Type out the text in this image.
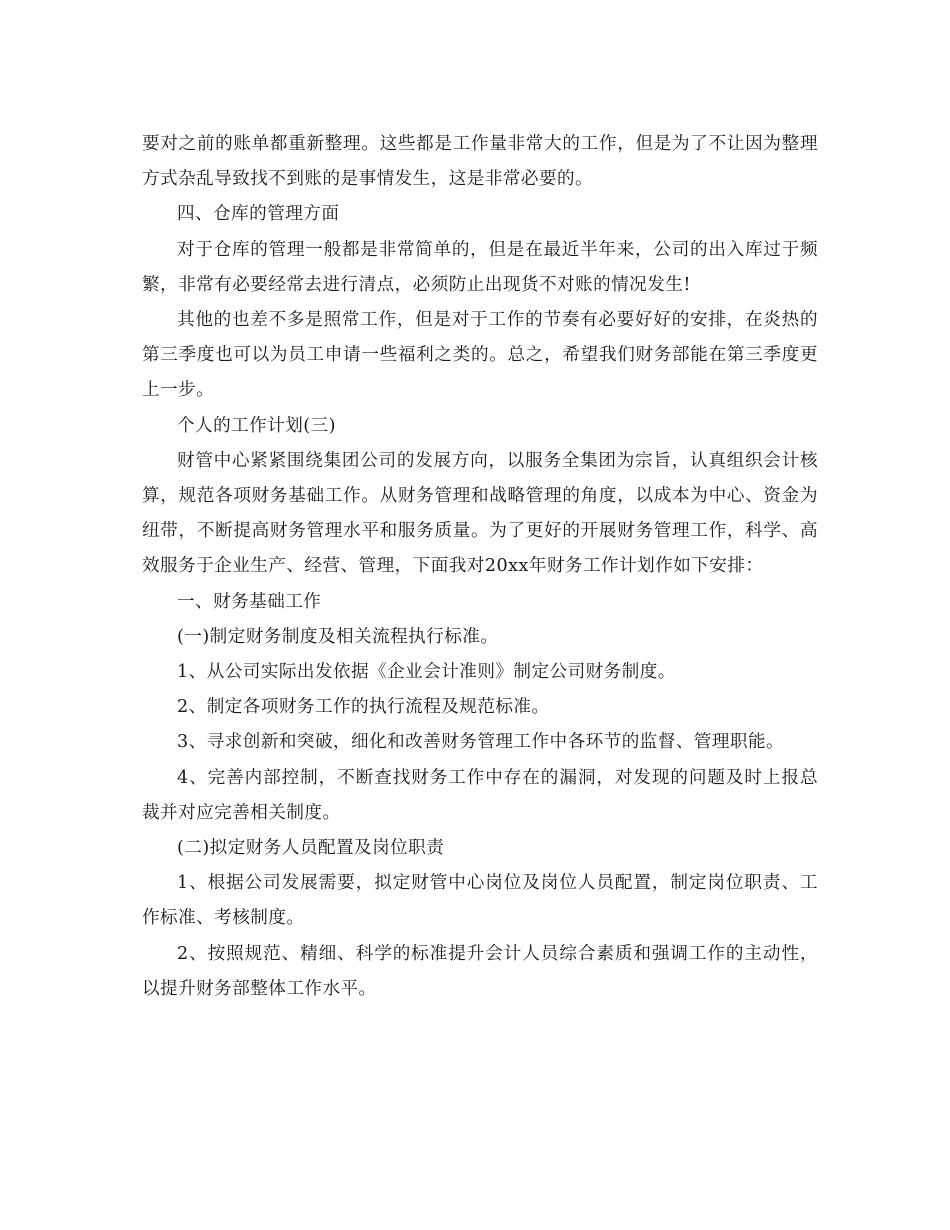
要对之前的账单都重新整理。这些都是工作量非常大的工作，但是为了不让因为整理方式杂乱导致找不到账的是事情发生，这是非常必要的。

四、仓库的管理方面

对于仓库的管理一般都是非常简单的，但是在最近半年来，公司的出入库过于频繁，非常有必要经常去进行清点，必须防止出现货不对账的情况发生!

其他的也差不多是照常工作，但是对于工作的节奏有必要好好的安排，在炎热的第三季度也可以为员工申请一些福利之类的。总之，希望我们财务部能在第三季度更上一步。

个人的工作计划(三)

财管中心紧紧围绕集团公司的发展方向，以服务全集团为宗旨，认真组织会计核算，规范各项财务基础工作。从财务管理和战略管理的角度，以成本为中心、资金为纽带，不断提高财务管理水平和服务质量。为了更好的开展财务管理工作，科学、高效服务于企业生产、经营、管理，下面我对20xx年财务工作计划作如下安排：

一、财务基础工作

(一)制定财务制度及相关流程执行标准。

1、从公司实际出发依据《企业会计准则》制定公司财务制度。

2、制定各项财务工作的执行流程及规范标准。

3、寻求创新和突破，细化和改善财务管理工作中各环节的监督、管理职能。

4、完善内部控制，不断查找财务工作中存在的漏洞，对发现的问题及时上报总裁并对应完善相关制度。

(二)拟定财务人员配置及岗位职责

1、根据公司发展需要，拟定财管中心岗位及岗位人员配置，制定岗位职责、工作标准、考核制度。

2、按照规范、精细、科学的标准提升会计人员综合素质和强调工作的主动性，以提升财务部整体工作水平。
